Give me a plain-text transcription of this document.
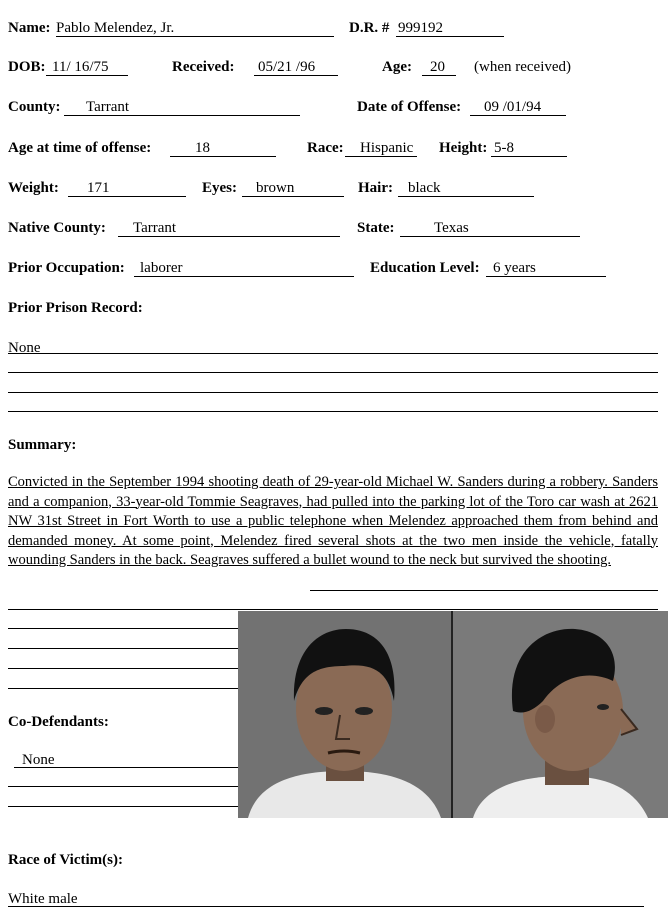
Name: Pablo Melendez, Jr.	D.R. # 999192
DOB: 11/ 16/75	Received: 05/21 /96	Age: 20 (when received)
County: Tarrant	Date of Offense: 09 /01/94
Age at time of offense:	18	Race: Hispanic Height: 5-8
Weight: 171	Eyes: brown	Hair: black
Native County: Tarrant	State:	Texas
Prior Occupation: laborer	Education Level: 6 years
Prior Prison Record:
None
Summary:
Convicted in the September 1994 shooting death of 29-year-old Michael W. Sanders during a robbery. Sanders and a companion, 33-year-old Tommie Seagraves, had pulled into the parking lot of the Toro car wash at 2621 NW 31st Street in Fort Worth to use a public telephone when Melendez approached them from behind and demanded money. At some point, Melendez fired several shots at the two men inside the vehicle, fatally wounding Sanders in the back. Seagraves suffered a bullet wound to the neck but survived the shooting.
Co-Defendants:
None
Race of Victim(s):
White male
